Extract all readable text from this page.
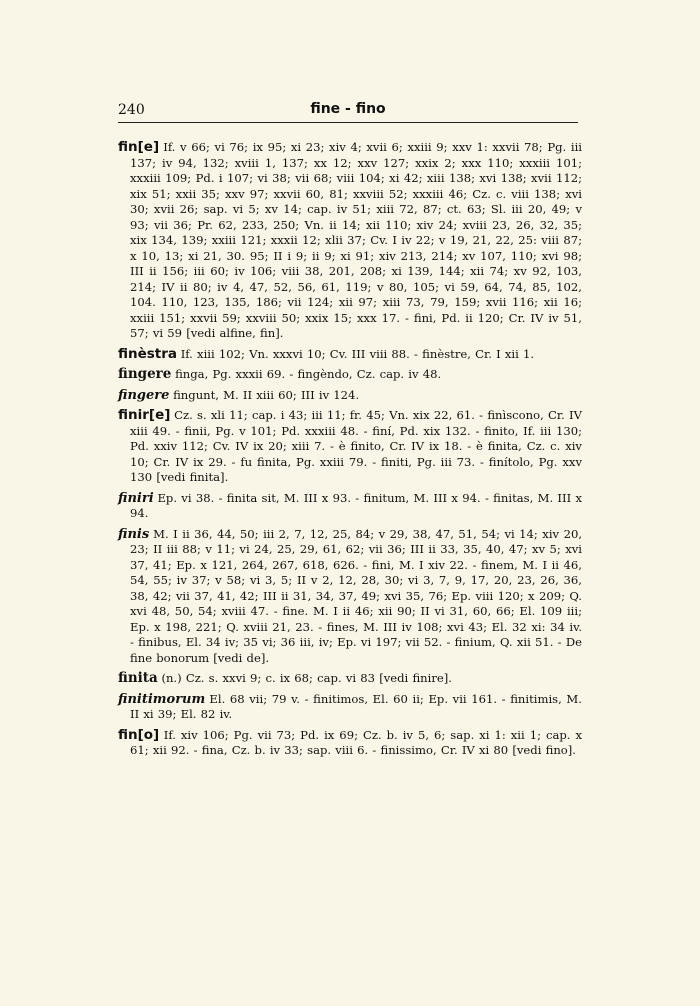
240	fine - fino

fin[e] If. v 66; vi 76; ix 95; xi 23; xiv 4; xvii 6; xxiii 9; xxv 1: xxvii 78; Pg. iii 137; iv 94, 132; xviii 1, 137; xx 12; xxv 127; xxix 2; xxx 110; xxxiii 101; xxxiii 109; Pd. i 107; vi 38; vii 68; viii 104; xi 42; xiii 138; xvi 138; xvii 112; xix 51; xxii 35; xxv 97; xxvii 60, 81; xxviii 52; xxxiii 46; Cz. c. viii 138; xvi 30; xvii 26; sap. vi 5; xv 14; cap. iv 51; xiii 72, 87; ct. 63; Sl. iii 20, 49; v 93; vii 36; Pr. 62, 233, 250; Vn. ii 14; xii 110; xiv 24; xviii 23, 26, 32, 35; xix 134, 139; xxiii 121; xxxii 12; xlii 37; Cv. I iv 22; v 19, 21, 22, 25: viii 87; x 10, 13; xi 21, 30. 95; II i 9; ii 9; xi 91; xiv 213, 214; xv 107, 110; xvi 98; III ii 156; iii 60; iv 106; viii 38, 201, 208; xi 139, 144; xii 74; xv 92, 103, 214; IV ii 80; iv 4, 47, 52, 56, 61, 119; v 80, 105; vi 59, 64, 74, 85, 102, 104. 110, 123, 135, 186; vii 124; xii 97; xiii 73, 79, 159; xvii 116; xii 16; xxiii 151; xxvii 59; xxviii 50; xxix 15; xxx 17. - fini, Pd. ii 120; Cr. IV iv 51, 57; vi 59 [vedi alfine, fin].

finèstra If. xiii 102; Vn. xxxvi 10; Cv. III viii 88. - finèstre, Cr. I xii 1.

fingere finga, Pg. xxxii 69. - fingèndo, Cz. cap. iv 48.

fingere fingunt, M. II xiii 60; III iv 124.

finir[e] Cz. s. xli 11; cap. i 43; iii 11; fr. 45; Vn. xix 22, 61. - finìscono, Cr. IV xiii 49. - finii, Pg. v 101; Pd. xxxiii 48. - finí, Pd. xix 132. - finito, If. iii 130; Pd. xxiv 112; Cv. IV ix 20; xiii 7. - è finito, Cr. IV ix 18. - è finita, Cz. c. xiv 10; Cr. IV ix 29. - fu finita, Pg. xxiii 79. - finiti, Pg. iii 73. - finítolo, Pg. xxv 130 [vedi finita].

finiri Ep. vi 38. - finita sit, M. III x 93. - finitum, M. III x 94. - finitas, M. III x 94.

finis M. I ii 36, 44, 50; iii 2, 7, 12, 25, 84; v 29, 38, 47, 51, 54; vi 14; xiv 20, 23; II iii 88; v 11; vi 24, 25, 29, 61, 62; vii 36; III ii 33, 35, 40, 47; xv 5; xvi 37, 41; Ep. x 121, 264, 267, 618, 626. - fini, M. I xiv 22. - finem, M. I ii 46, 54, 55; iv 37; v 58; vi 3, 5; II v 2, 12, 28, 30; vi 3, 7, 9, 17, 20, 23, 26, 36, 38, 42; vii 37, 41, 42; III ii 31, 34, 37, 49; xvi 35, 76; Ep. viii 120; x 209; Q. xvi 48, 50, 54; xviii 47. - fine. M. I ii 46; xii 90; II vi 31, 60, 66; El. 109 iii; Ep. x 198, 221; Q. xviii 21, 23. - fines, M. III iv 108; xvi 43; El. 32 xi: 34 iv. - finibus, El. 34 iv; 35 vi; 36 iii, iv; Ep. vi 197; vii 52. - finium, Q. xii 51. - De fine bonorum [vedi de].

finita (n.) Cz. s. xxvi 9; c. ix 68; cap. vi 83 [vedi finire].

finitimorum El. 68 vii; 79 v. - finitimos, El. 60 ii; Ep. vii 161. - finitimis, M. II xi 39; El. 82 iv.

fin[o] If. xiv 106; Pg. vii 73; Pd. ix 69; Cz. b. iv 5, 6; sap. xi 1: xii 1; cap. x 61; xii 92. - fina, Cz. b. iv 33; sap. viii 6. - finissimo, Cr. IV xi 80 [vedi fino].
